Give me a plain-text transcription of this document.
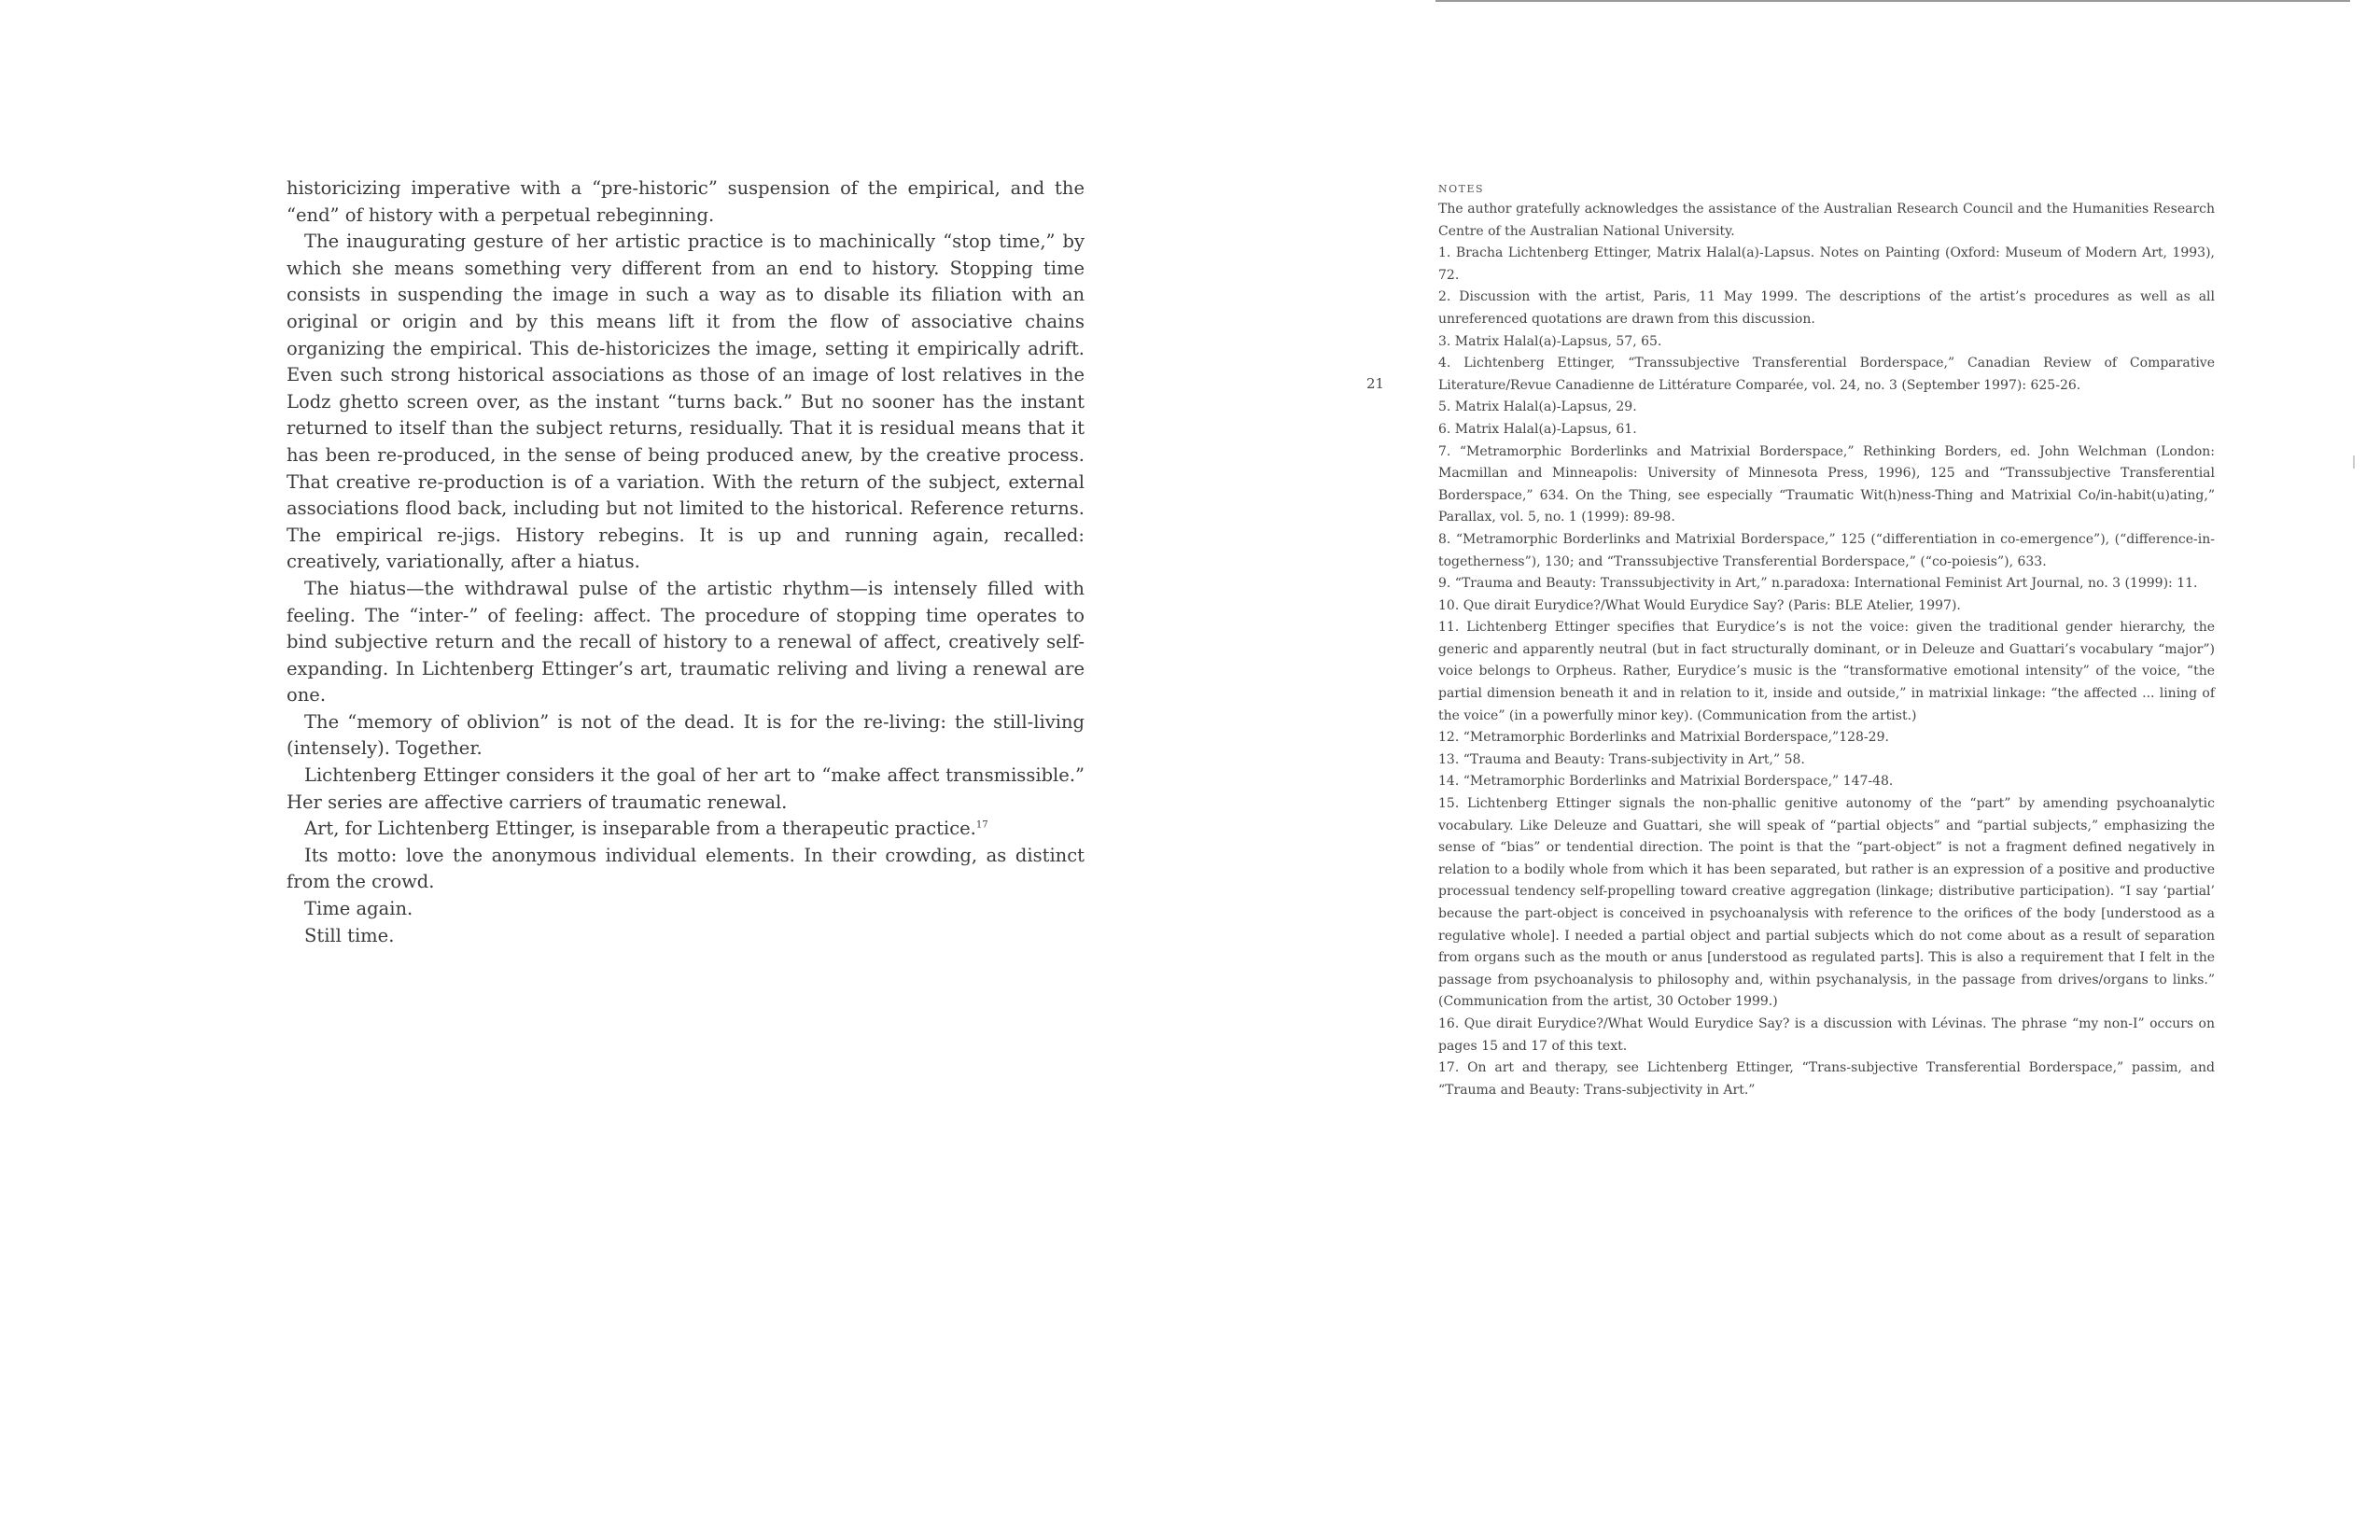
historicizing imperative with a “pre-historic” suspension of the empirical, and the “end” of history with a perpetual rebeginning.

The inaugurating gesture of her artistic practice is to machinically “stop time,” by which she means something very different from an end to history. Stopping time consists in suspending the image in such a way as to disable its filiation with an original or origin and by this means lift it from the flow of associative chains organizing the empirical. This de-historicizes the image, setting it empirically adrift. Even such strong historical associations as those of an image of lost relatives in the Lodz ghetto screen over, as the instant “turns back.” But no sooner has the instant returned to itself than the subject returns, residually. That it is residual means that it has been re-produced, in the sense of being produced anew, by the creative process. That creative re-production is of a variation. With the return of the subject, external associations flood back, including but not limited to the historical. Reference returns. The empirical re-jigs. History rebegins. It is up and running again, recalled: creatively, variationally, after a hiatus.

The hiatus—the withdrawal pulse of the artistic rhythm—is intensely filled with feeling. The “inter-” of feeling: affect. The procedure of stopping time operates to bind subjective return and the recall of history to a renewal of affect, creatively self-expanding. In Lichtenberg Ettinger’s art, traumatic reliving and living a renewal are one.

The “memory of oblivion” is not of the dead. It is for the re-living: the still-living (intensely). Together.

Lichtenberg Ettinger considers it the goal of her art to “make affect transmissible.” Her series are affective carriers of traumatic renewal.

Art, for Lichtenberg Ettinger, is inseparable from a therapeutic practice.$^{17}$

Its motto: love the anonymous individual elements. In their crowding, as distinct from the crowd.

Time again.

Still time.

21
NOTES

The author gratefully acknowledges the assistance of the Australian Research Council and the Humanities Research Centre of the Australian National University.

1. Bracha Lichtenberg Ettinger, Matrix Halal(a)-Lapsus. Notes on Painting (Oxford: Museum of Modern Art, 1993), 72.

2. Discussion with the artist, Paris, 11 May 1999. The descriptions of the artist’s procedures as well as all unreferenced quotations are drawn from this discussion.

3. Matrix Halal(a)-Lapsus, 57, 65.

4. Lichtenberg Ettinger, “Transsubjective Transferential Borderspace,” Canadian Review of Comparative Literature/Revue Canadienne de Littérature Comparée, vol. 24, no. 3 (September 1997): 625-26.

5. Matrix Halal(a)-Lapsus, 29.

6. Matrix Halal(a)-Lapsus, 61.

7. “Metramorphic Borderlinks and Matrixial Borderspace,” Rethinking Borders, ed. John Welchman (London: Macmillan and Minneapolis: University of Minnesota Press, 1996), 125 and “Transsubjective Transferential Borderspace,” 634. On the Thing, see especially “Traumatic Wit(h)ness-Thing and Matrixial Co/in-habit(u)ating,” Parallax, vol. 5, no. 1 (1999): 89-98.

8. “Metramorphic Borderlinks and Matrixial Borderspace,” 125 (“differentiation in co-emergence”), (“difference-in-togetherness”), 130; and “Transsubjective Transferential Borderspace,” (“co-poiesis”), 633.

9. “Trauma and Beauty: Transsubjectivity in Art,” n.paradoxa: International Feminist Art Journal, no. 3 (1999): 11.

10. Que dirait Eurydice?/What Would Eurydice Say? (Paris: BLE Atelier, 1997).

11. Lichtenberg Ettinger specifies that Eurydice’s is not the voice: given the traditional gender hierarchy, the generic and apparently neutral (but in fact structurally dominant, or in Deleuze and Guattari’s vocabulary “major”) voice belongs to Orpheus. Rather, Eurydice’s music is the “transformative emotional intensity” of the voice, “the partial dimension beneath it and in relation to it, inside and outside,” in matrixial linkage: “the affected ... lining of the voice” (in a powerfully minor key). (Communication from the artist.)

12. “Metramorphic Borderlinks and Matrixial Borderspace,”128-29.

13. “Trauma and Beauty: Trans-subjectivity in Art,” 58.

14. “Metramorphic Borderlinks and Matrixial Borderspace,” 147-48.

15. Lichtenberg Ettinger signals the non-phallic genitive autonomy of the “part” by amending psychoanalytic vocabulary. Like Deleuze and Guattari, she will speak of “partial objects” and “partial subjects,” emphasizing the sense of “bias” or tendential direction. The point is that the “part-object” is not a fragment defined negatively in relation to a bodily whole from which it has been separated, but rather is an expression of a positive and productive processual tendency self-propelling toward creative aggregation (linkage; distributive participation). “I say ‘partial’ because the part-object is conceived in psychoanalysis with reference to the orifices of the body [understood as a regulative whole]. I needed a partial object and partial subjects which do not come about as a result of separation from organs such as the mouth or anus [understood as regulated parts]. This is also a requirement that I felt in the passage from psychoanalysis to philosophy and, within psychanalysis, in the passage from drives/organs to links.” (Communication from the artist, 30 October 1999.)

16. Que dirait Eurydice?/What Would Eurydice Say? is a discussion with Lévinas. The phrase “my non-I” occurs on pages 15 and 17 of this text.

17. On art and therapy, see Lichtenberg Ettinger, “Trans-subjective Transferential Borderspace,” passim, and “Trauma and Beauty: Trans-subjectivity in Art.”
